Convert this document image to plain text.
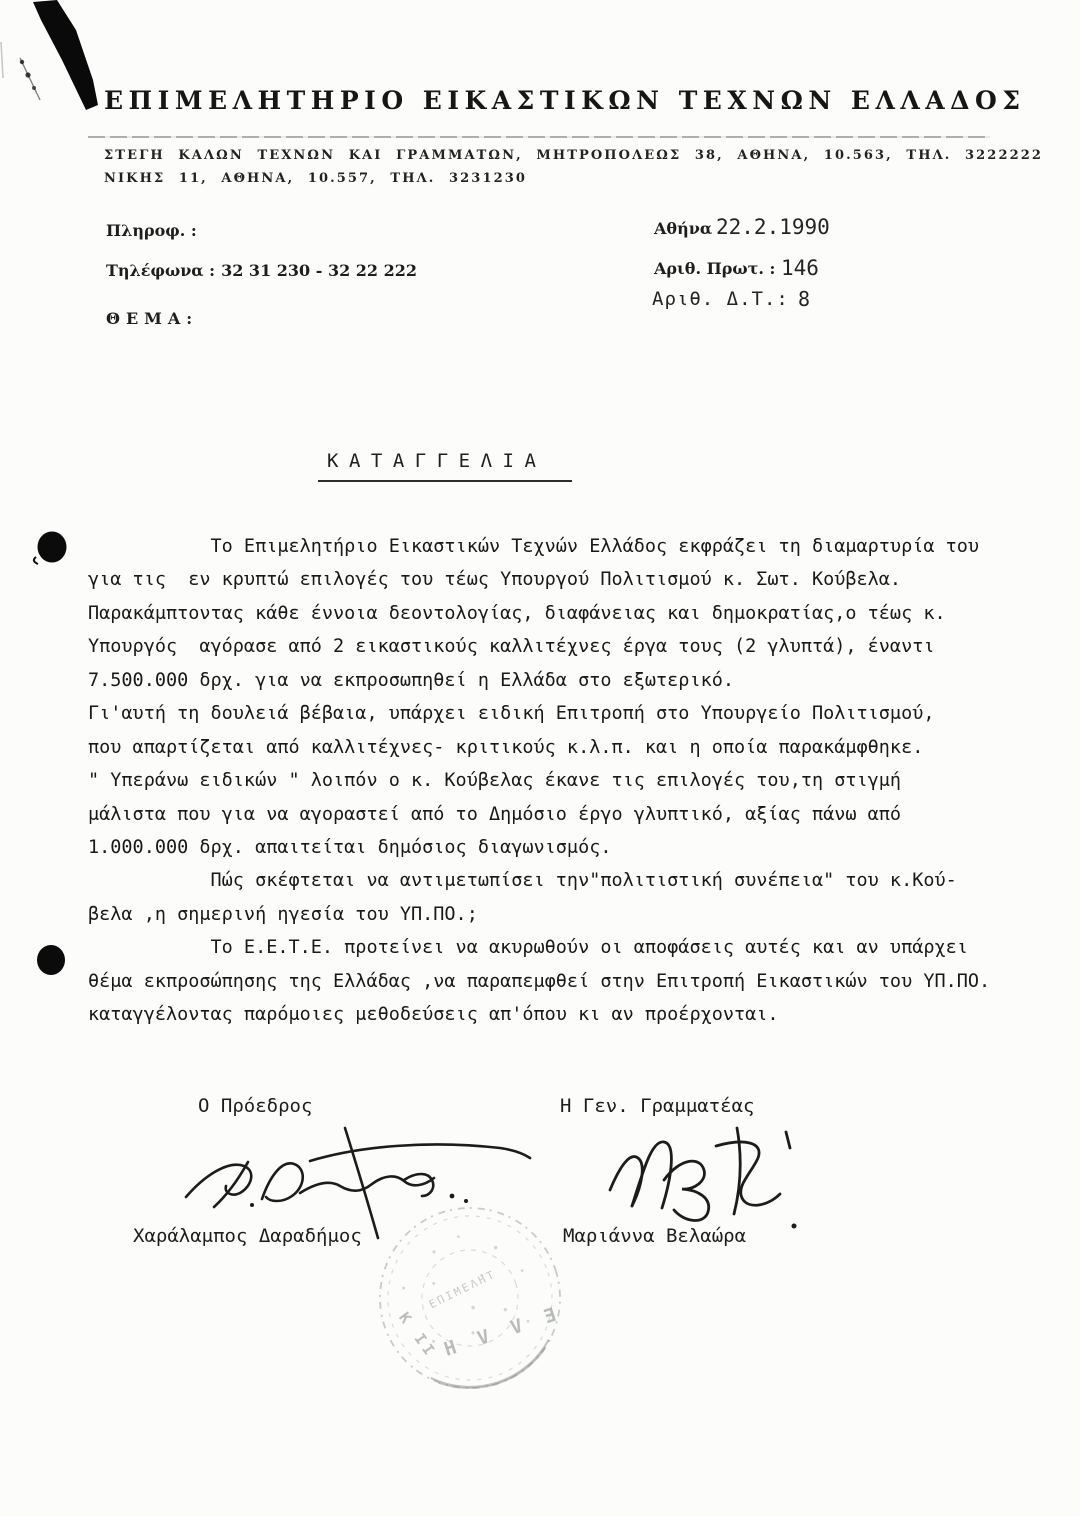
ΕΠΙΜΕΛΗΤΗΡΙΟ ΕΙΚΑΣΤΙΚΩΝ ΤΕΧΝΩΝ ΕΛΛΑΔΟΣ
ΣΤΕΓΗ ΚΑΛΩΝ ΤΕΧΝΩΝ ΚΑΙ ΓΡΑΜΜΑΤΩΝ, ΜΗΤΡΟΠΟΛΕΩΣ 38, ΑΘΗΝΑ, 10.563, ΤΗΛ. 3222222
ΝΙΚΗΣ 11, ΑΘΗΝΑ, 10.557, ΤΗΛ. 3231230
Πληροφ. :
Τηλέφωνα : 32 31 230 - 32 22 222
ΘΕΜΑ:
Αθήνα 22.2.1990
Αριθ. Πρωτ. : 146
Αριθ. Δ.Τ.: 8
ΚΑΤΑΓΓΕΛΙΑ
Το Επιμελητήριο Εικαστικών Τεχνών Ελλάδος εκφράζει τη διαμαρτυρία του
για τις  εν κρυπτώ επιλογές του τέως Υπουργού Πολιτισμού κ. Σωτ. Κούβελα.
Παρακάμπτοντας κάθε έννοια δεοντολογίας, διαφάνειας και δημοκρατίας,ο τέως κ.
Υπουργός  αγόρασε από 2 εικαστικούς καλλιτέχνες έργα τους (2 γλυπτά), έναντι
7.500.000 δρχ. για να εκπροσωπηθεί η Ελλάδα στο εξωτερικό.
Γι'αυτή τη δουλειά βέβαια, υπάρχει ειδική Επιτροπή στο Υπουργείο Πολιτισμού,
που απαρτίζεται από καλλιτέχνες- κριτικούς κ.λ.π. και η οποία παρακάμφθηκε.
" Υπεράνω ειδικών " λοιπόν ο κ. Κούβελας έκανε τις επιλογές του,τη στιγμή
μάλιστα που για να αγοραστεί από το Δημόσιο έργο γλυπτικό, αξίας πάνω από
1.000.000 δρχ. απαιτείται δημόσιος διαγωνισμός.
Πώς σκέφτεται να αντιμετωπίσει την"πολιτιστική συνέπεια" του κ.Κού-
βελα ,η σημερινή ηγεσία του ΥΠ.ΠΟ.;
Το Ε.Ε.Τ.Ε. προτείνει να ακυρωθούν οι αποφάσεις αυτές και αν υπάρχει
θέμα εκπροσώπησης της Ελλάδας ,να παραπεμφθεί στην Επιτροπή Εικαστικών του ΥΠ.ΠΟ.
καταγγέλοντας παρόμοιες μεθοδεύσεις απ'όπου κι αν προέρχονται.
Ο Πρόεδρος	Η Γεν. Γραμματέας
Χαράλαμπος Δαραδήμος	Μαριάννα Βελαώρα
Κ ΙΙ
ΕΠΙΜΕΛΗΤ
Η V V Ǝ
